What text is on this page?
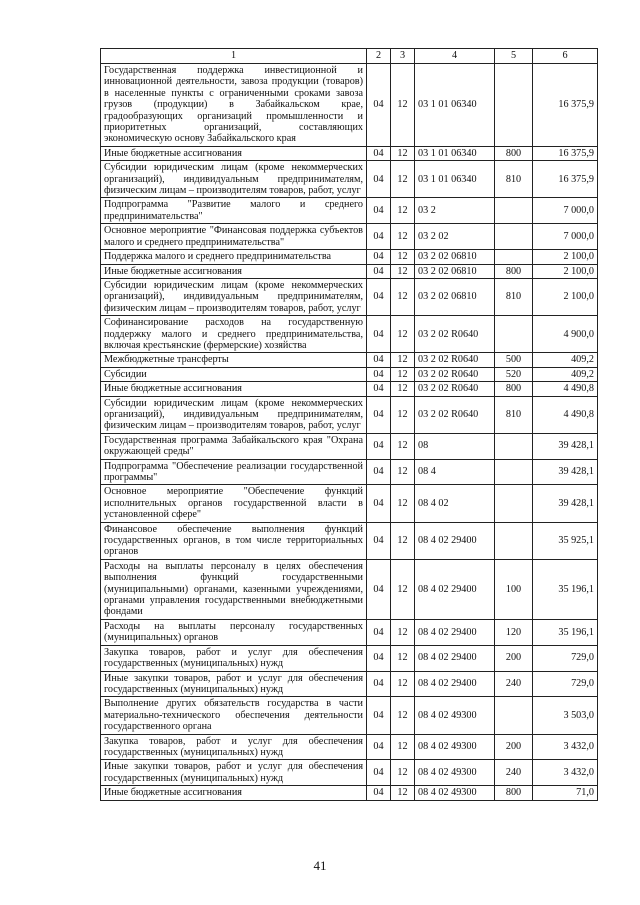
1	2	3	4	5	6
Государственная поддержка инвестиционной и инновационной деятельности, завоза продукции (товаров) в населенные пункты с ограниченными сроками завоза грузов (продукции) в Забайкальском крае, градообразующих организаций промышленности и приоритетных организаций, составляющих экономическую основу Забайкальского края	04	12	03 1 01 06340		16 375,9
Иные бюджетные ассигнования	04	12	03 1 01 06340	800	16 375,9
Субсидии юридическим лицам (кроме некоммерческих организаций), индивидуальным предпринимателям, физическим лицам – производителям товаров, работ, услуг	04	12	03 1 01 06340	810	16 375,9
Подпрограмма "Развитие малого и среднего предпринимательства"	04	12	03 2		7 000,0
Основное мероприятие "Финансовая поддержка субъектов малого и среднего предпринимательства"	04	12	03 2 02		7 000,0
Поддержка малого и среднего предпринимательства	04	12	03 2 02 06810		2 100,0
Иные бюджетные ассигнования	04	12	03 2 02 06810	800	2 100,0
Субсидии юридическим лицам (кроме некоммерческих организаций), индивидуальным предпринимателям, физическим лицам – производителям товаров, работ, услуг	04	12	03 2 02 06810	810	2 100,0
Софинансирование расходов на государственную поддержку малого и среднего предпринимательства, включая крестьянские (фермерские) хозяйства	04	12	03 2 02 R0640		4 900,0
Межбюджетные трансферты	04	12	03 2 02 R0640	500	409,2
Субсидии	04	12	03 2 02 R0640	520	409,2
Иные бюджетные ассигнования	04	12	03 2 02 R0640	800	4 490,8
Субсидии юридическим лицам (кроме некоммерческих организаций), индивидуальным предпринимателям, физическим лицам – производителям товаров, работ, услуг	04	12	03 2 02 R0640	810	4 490,8
Государственная программа Забайкальского края "Охрана окружающей среды"	04	12	08		39 428,1
Подпрограмма "Обеспечение реализации государственной программы"	04	12	08 4		39 428,1
Основное мероприятие "Обеспечение функций исполнительных органов государственной власти в установленной сфере"	04	12	08 4 02		39 428,1
Финансовое обеспечение выполнения функций государственных органов, в том числе территориальных органов	04	12	08 4 02 29400		35 925,1
Расходы на выплаты персоналу в целях обеспечения выполнения функций государственными (муниципальными) органами, казенными учреждениями, органами управления государственными внебюджетными фондами	04	12	08 4 02 29400	100	35 196,1
Расходы на выплаты персоналу государственных (муниципальных) органов	04	12	08 4 02 29400	120	35 196,1
Закупка товаров, работ и услуг для обеспечения государственных (муниципальных) нужд	04	12	08 4 02 29400	200	729,0
Иные закупки товаров, работ и услуг для обеспечения государственных (муниципальных) нужд	04	12	08 4 02 29400	240	729,0
Выполнение других обязательств государства в части материально-технического обеспечения деятельности государственного органа	04	12	08 4 02 49300		3 503,0
Закупка товаров, работ и услуг для обеспечения государственных (муниципальных) нужд	04	12	08 4 02 49300	200	3 432,0
Иные закупки товаров, работ и услуг для обеспечения государственных (муниципальных) нужд	04	12	08 4 02 49300	240	3 432,0
Иные бюджетные ассигнования	04	12	08 4 02 49300	800	71,0
41
